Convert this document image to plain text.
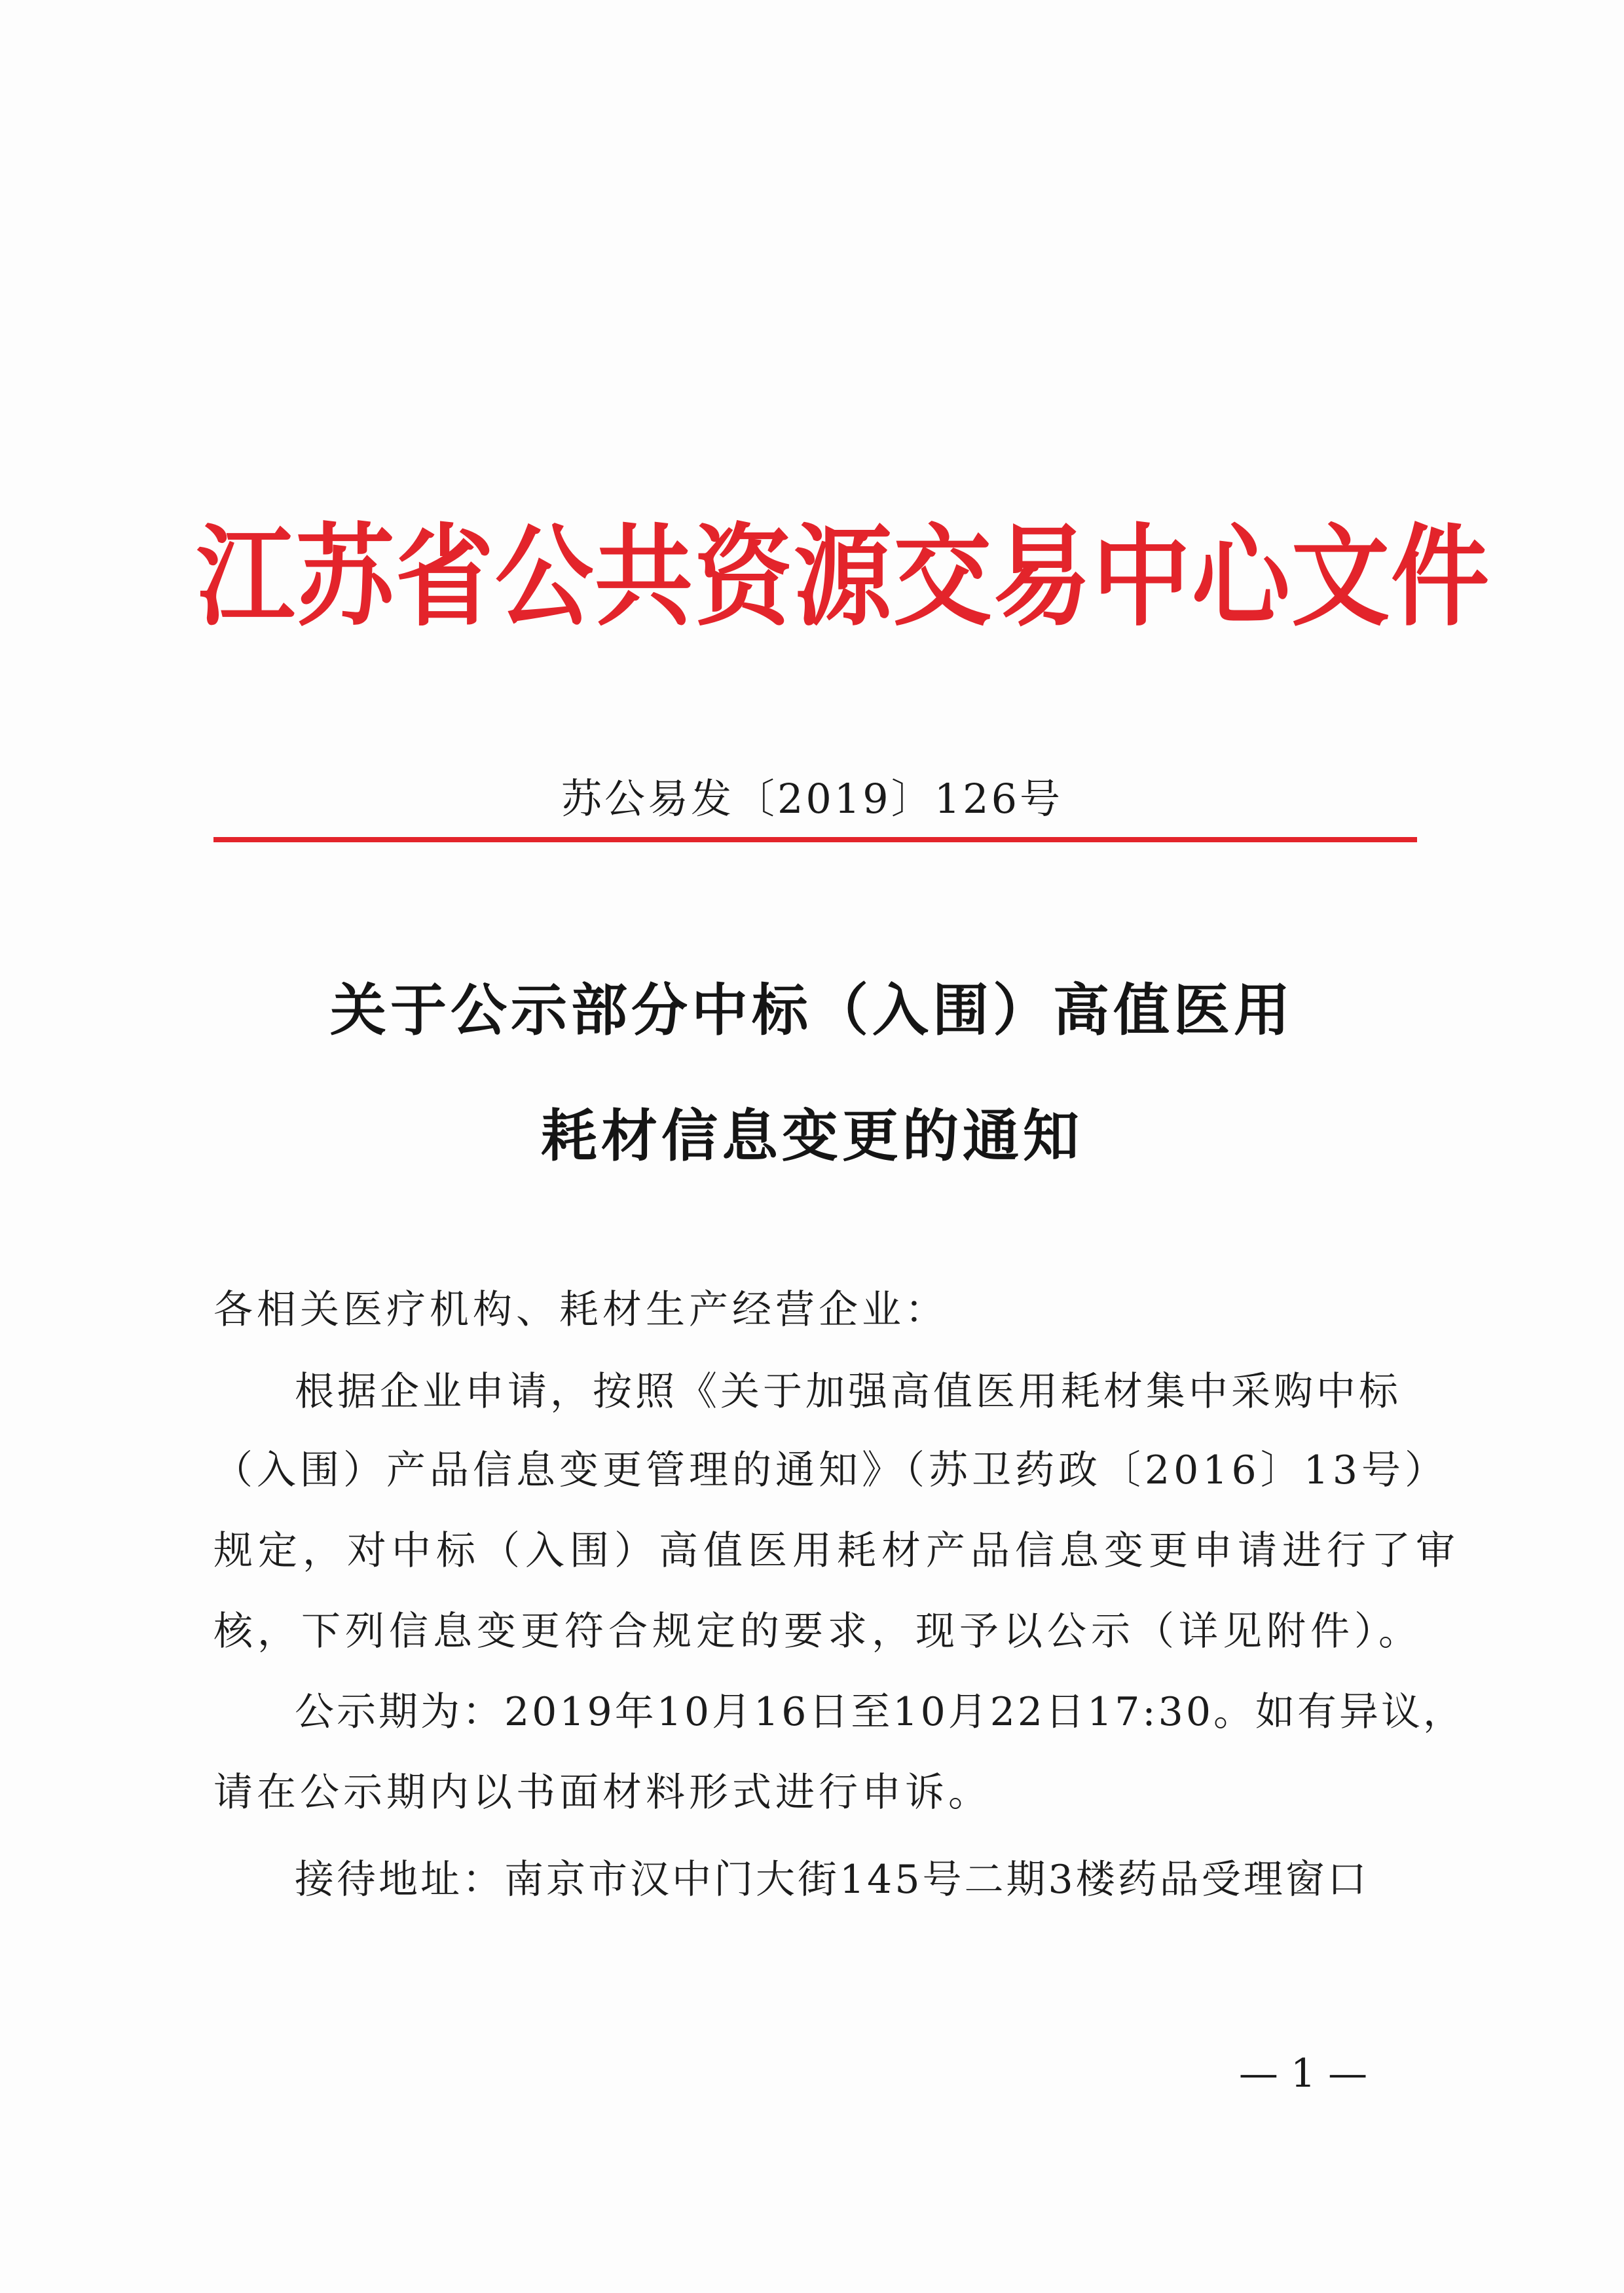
江苏省公共资源交易中心文件
苏公易发〔2019〕126号
关于公示部分中标（入围）高值医用
耗材信息变更的通知
各相关医疗机构、耗材生产经营企业：
根据企业申请，按照《关于加强高值医用耗材集中采购中标
（入围）产品信息变更管理的通知》（苏卫药政〔2016〕13号）
规定，对中标（入围）高值医用耗材产品信息变更申请进行了审
核，下列信息变更符合规定的要求，现予以公示（详见附件）。
公示期为：2019年10月16日至10月22日17:30。如有异议，
请在公示期内以书面材料形式进行申诉。
接待地址：南京市汉中门大街145号二期3楼药品受理窗口
— 1 —
